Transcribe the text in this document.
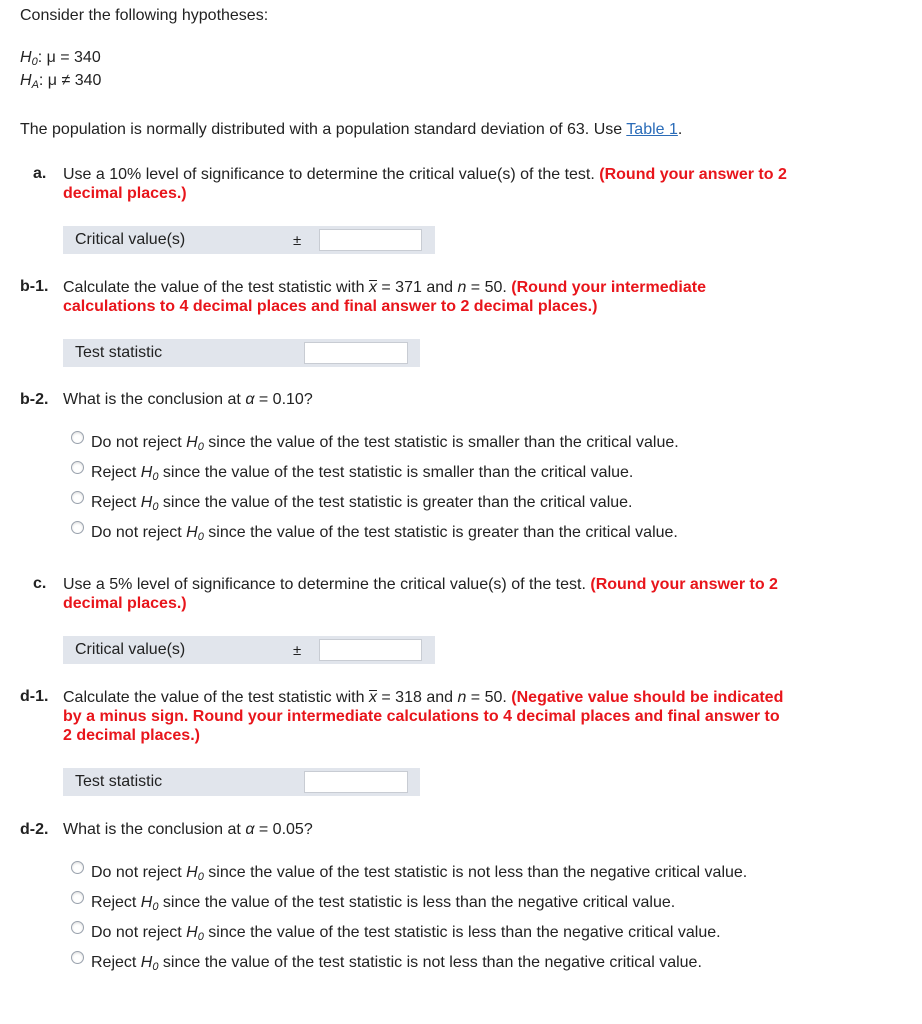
Consider the following hypotheses:
$H_0$: μ = 340
$H_A$: μ ≠ 340
The population is normally distributed with a population standard deviation of 63. Use Table 1.
a. Use a 10% level of significance to determine the critical value(s) of the test. (Round your answer to 2
decimal places.)
Critical value(s)	±
b-1. Calculate the value of the test statistic with x = 371 and n = 50. (Round your intermediate
calculations to 4 decimal places and final answer to 2 decimal places.)
Test statistic
b-2. What is the conclusion at α = 0.10?
Do not reject $H_0$ since the value of the test statistic is smaller than the critical value.
Reject $H_0$ since the value of the test statistic is smaller than the critical value.
Reject $H_0$ since the value of the test statistic is greater than the critical value.
Do not reject $H_0$ since the value of the test statistic is greater than the critical value.
c. Use a 5% level of significance to determine the critical value(s) of the test. (Round your answer to 2
decimal places.)
Critical value(s)	±
d-1. Calculate the value of the test statistic with x = 318 and n = 50. (Negative value should be indicated
by a minus sign. Round your intermediate calculations to 4 decimal places and final answer to
2 decimal places.)
Test statistic
d-2. What is the conclusion at α = 0.05?
Do not reject $H_0$ since the value of the test statistic is not less than the negative critical value.
Reject $H_0$ since the value of the test statistic is less than the negative critical value.
Do not reject $H_0$ since the value of the test statistic is less than the negative critical value.
Reject $H_0$ since the value of the test statistic is not less than the negative critical value.
